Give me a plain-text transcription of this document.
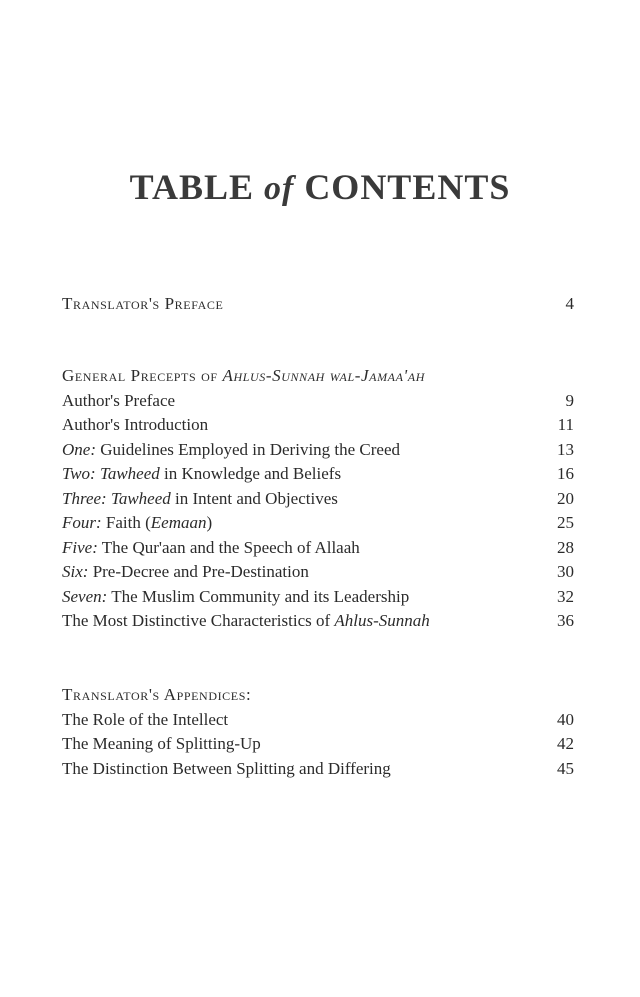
TABLE of CONTENTS
Translator's Preface	4
General Precepts of Ahlus-Sunnah wal-Jamaa'ah
Author's Preface	9
Author's Introduction	11
One: Guidelines Employed in Deriving the Creed	13
Two: Tawheed in Knowledge and Beliefs	16
Three: Tawheed in Intent and Objectives	20
Four: Faith (Eemaan)	25
Five: The Qur'aan and the Speech of Allaah	28
Six: Pre-Decree and Pre-Destination	30
Seven: The Muslim Community and its Leadership	32
The Most Distinctive Characteristics of Ahlus-Sunnah	36
Translator's Appendices:
The Role of the Intellect	40
The Meaning of Splitting-Up	42
The Distinction Between Splitting and Differing	45
